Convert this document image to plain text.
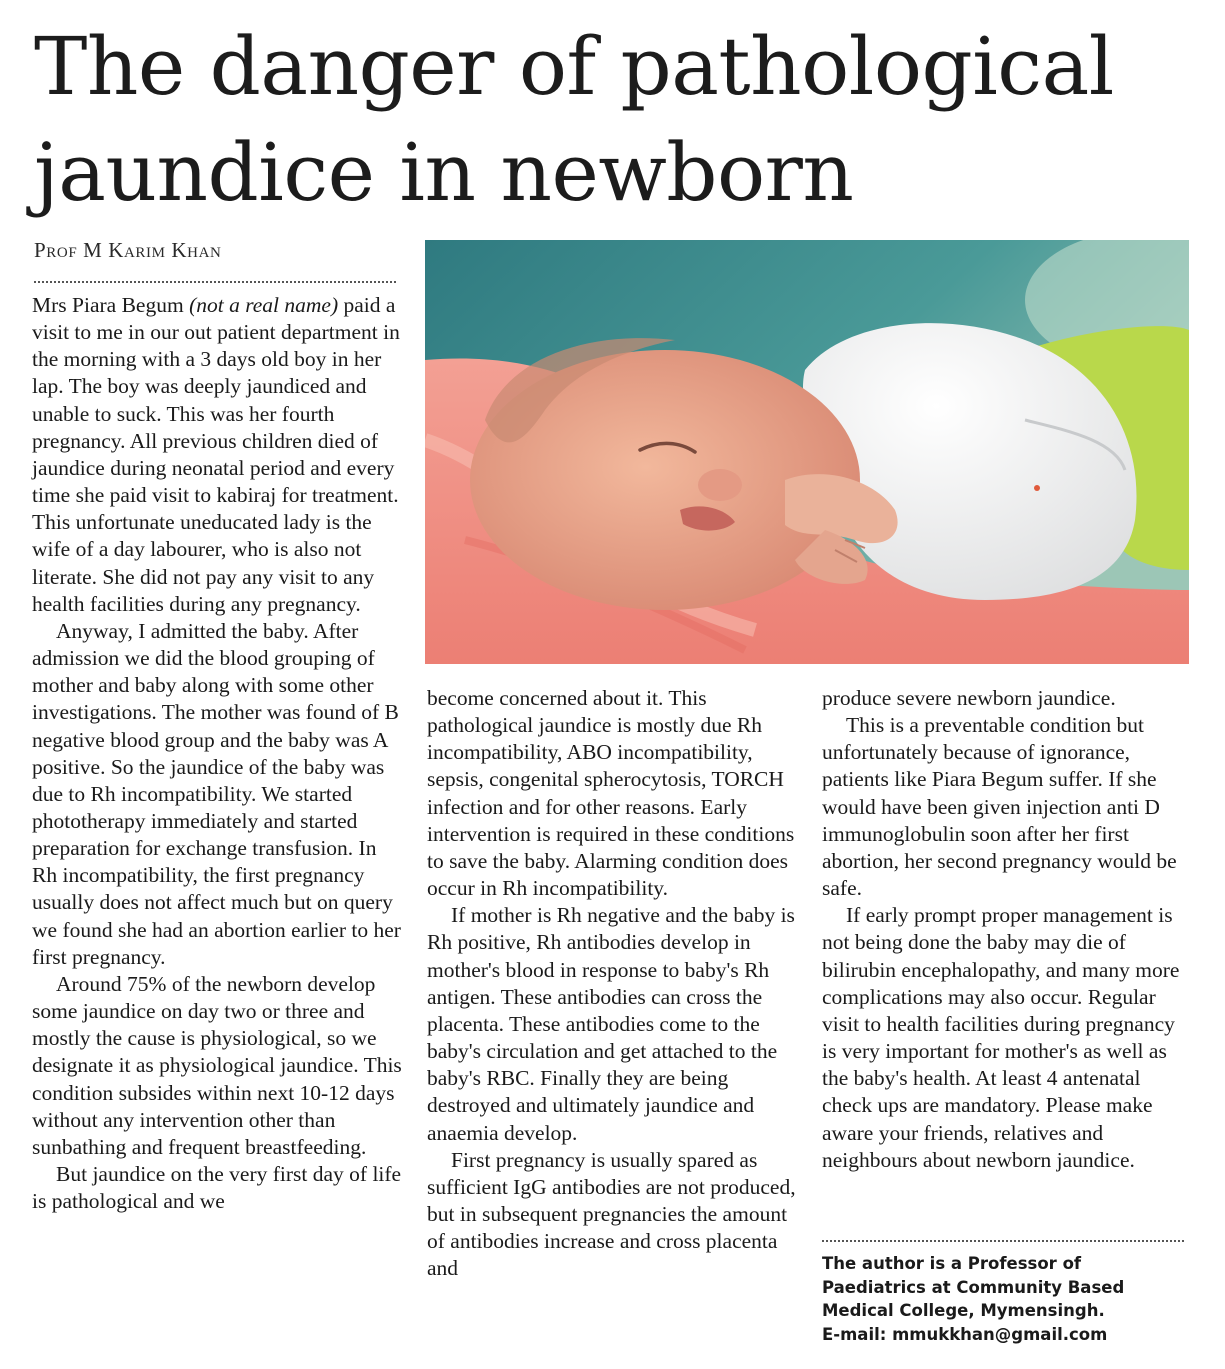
The danger of pathological
jaundice in newborn
Prof M Karim Khan

Mrs Piara Begum (not a real name) paid a visit to me in our out patient department in the morning with a 3 days old boy in her lap. The boy was deeply jaundiced and unable to suck. This was her fourth pregnancy. All previous children died of jaundice during neonatal period and every time she paid visit to kabiraj for treatment. This unfortunate uneducated lady is the wife of a day labourer, who is also not literate. She did not pay any visit to any health facilities during any pregnancy.

Anyway, I admitted the baby. After admission we did the blood grouping of mother and baby along with some other investigations. The mother was found of B negative blood group and the baby was A positive. So the jaundice of the baby was due to Rh incompatibility. We started phototherapy immediately and started preparation for exchange transfusion. In Rh incompatibility, the first pregnancy usually does not affect much but on query we found she had an abortion earlier to her first pregnancy.

Around 75% of the newborn develop some jaundice on day two or three and mostly the cause is physiological, so we designate it as physiological jaundice. This condition subsides within next 10-12 days without any intervention other than sunbathing and frequent breastfeeding.

But jaundice on the very first day of life is pathological and we

become concerned about it. This pathological jaundice is mostly due Rh incompatibility, ABO incompatibility, sepsis, congenital spherocytosis, TORCH infection and for other reasons. Early intervention is required in these conditions to save the baby. Alarming condition does occur in Rh incompatibility.

If mother is Rh negative and the baby is Rh positive, Rh antibodies develop in mother's blood in response to baby's Rh antigen. These antibodies can cross the placenta. These antibodies come to the baby's circulation and get attached to the baby's RBC. Finally they are being destroyed and ultimately jaundice and anaemia develop.

First pregnancy is usually spared as sufficient IgG antibodies are not produced, but in subsequent pregnancies the amount of antibodies increase and cross placenta and

produce severe newborn jaundice.

This is a preventable condition but unfortunately because of ignorance, patients like Piara Begum suffer. If she would have been given injection anti D immunoglobulin soon after her first abortion, her second pregnancy would be safe.

If early prompt proper management is not being done the baby may die of bilirubin encephalopathy, and many more complications may also occur. Regular visit to health facilities during pregnancy is very important for mother's as well as the baby's health. At least 4 antenatal check ups are mandatory. Please make aware your friends, relatives and neighbours about newborn jaundice.

The author is a Professor of
Paediatrics at Community Based
Medical College, Mymensingh.
E-mail: mmukkhan@gmail.com
